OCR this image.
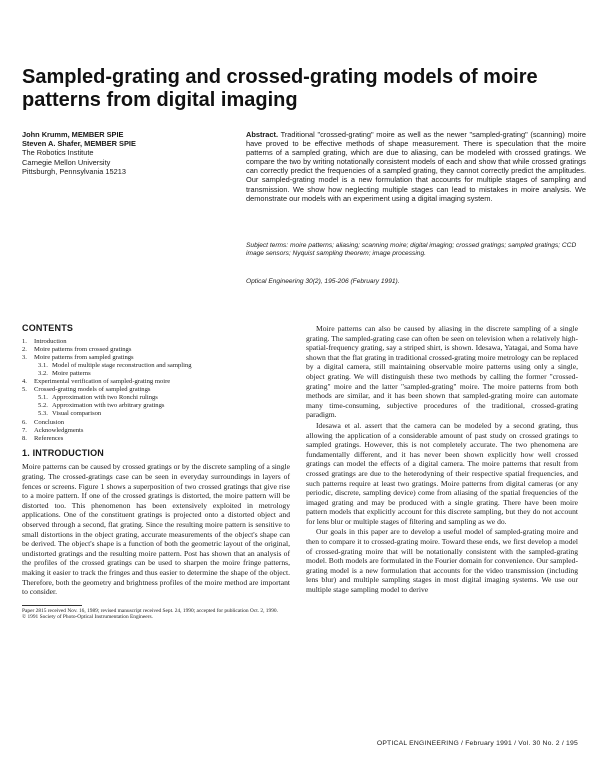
Sampled-grating and crossed-grating models of moire patterns from digital imaging
John Krumm, MEMBER SPIE
Steven A. Shafer, MEMBER SPIE
The Robotics Institute
Carnegie Mellon University
Pittsburgh, Pennsylvania 15213
Abstract. Traditional "crossed-grating" moire as well as the newer "sampled-grating" (scanning) moire have proved to be effective methods of shape measurement. There is speculation that the moire patterns of a sampled grating, which are due to aliasing, can be modeled with crossed gratings. We compare the two by writing notationally consistent models of each and show that while crossed gratings can correctly predict the frequencies of a sampled grating, they cannot correctly predict the amplitudes. Our sampled-grating model is a new formulation that accounts for multiple stages of sampling and transmission. We show how neglecting multiple stages can lead to mistakes in moire analysis. We demonstrate our models with an experiment using a digital imaging system.
Subject terms: moire patterns; aliasing; scanning moire; digital imaging; crossed gratings; sampled gratings; CCD image sensors; Nyquist sampling theorem; image processing.
Optical Engineering 30(2), 195-206 (February 1991).
CONTENTS
1. Introduction
2. Moire patterns from crossed gratings
3. Moire patterns from sampled gratings
3.1. Model of multiple stage reconstruction and sampling
3.2. Moire patterns
4. Experimental verification of sampled-grating moire
5. Crossed-grating models of sampled gratings
5.1. Approximation with two Ronchi rulings
5.2. Approximation with two arbitrary gratings
5.3. Visual comparison
6. Conclusion
7. Acknowledgments
8. References
1. INTRODUCTION

Moire patterns can be caused by crossed gratings or by the discrete sampling of a single grating. The crossed-gratings case can be seen in everyday surroundings in layers of fences or screens. Figure 1 shows a superposition of two crossed gratings that give rise to a moire pattern. If one of the crossed gratings is distorted, the moire pattern will be distorted too. This phenomenon has been extensively exploited in metrology applications. One of the constituent gratings is projected onto a distorted object and observed through a second, flat grating. Since the resulting moire pattern is sensitive to small distortions in the object grating, accurate measurements of the object's shape can be derived. The object's shape is a function of both the geometric layout of the original, undistorted gratings and the resulting moire pattern. Post has shown that an analysis of the profiles of the crossed gratings can be used to sharpen the moire fringe patterns, making it easier to track the fringes and thus easier to determine the shape of the object. Therefore, both the geometry and brightness profiles of the moire method are important to consider.

Paper 2815 received Nov. 16, 1989; revised manuscript received Sept. 24, 1990; accepted for publication Oct. 2, 1990.

© 1991 Society of Photo-Optical Instrumentation Engineers.

Moire patterns can also be caused by aliasing in the discrete sampling of a single grating. The sampled-grating case can often be seen on television when a relatively high-spatial-frequency grating, say a striped shirt, is shown. Idesawa, Yatagai, and Soma have shown that the flat grating in traditional crossed-grating moire metrology can be replaced by a digital camera, still maintaining observable moire patterns using only a single, object grating. We will distinguish these two methods by calling the former "crossed-grating" moire and the latter "sampled-grating" moire. The moire patterns from both methods are similar, and it has been shown that sampled-grating moire can automate many time-consuming, subjective procedures of the traditional, crossed-grating paradigm.

Idesawa et al. assert that the camera can be modeled by a second grating, thus allowing the application of a considerable amount of past study on crossed gratings to sampled gratings. However, this is not completely accurate. The two phenomena are fundamentally different, and it has never been shown explicitly how well crossed gratings can model the effects of a digital camera. The moire patterns that result from crossed gratings are due to the heterodyning of their respective spatial frequencies, and such patterns require at least two gratings. Moire patterns from digital cameras (or any periodic, discrete, sampling device) come from aliasing of the spatial frequencies of the imaged grating and may be produced with a single grating. There have been moire pattern models that explicitly account for this discrete sampling, but they do not account for lens blur or multiple stages of filtering and sampling as we do.

Our goals in this paper are to develop a useful model of sampled-grating moire and then to compare it to crossed-grating moire. Toward these ends, we first develop a model of crossed-grating moire that will be notationally consistent with the sampled-grating model. Both models are formulated in the Fourier domain for convenience. Our sampled-grating model is a new formulation that accounts for the video transmission (including lens blur) and multiple sampling stages in most digital imaging systems. We use our multiple stage sampling model to derive

OPTICAL ENGINEERING / February 1991 / Vol. 30 No. 2 / 195
